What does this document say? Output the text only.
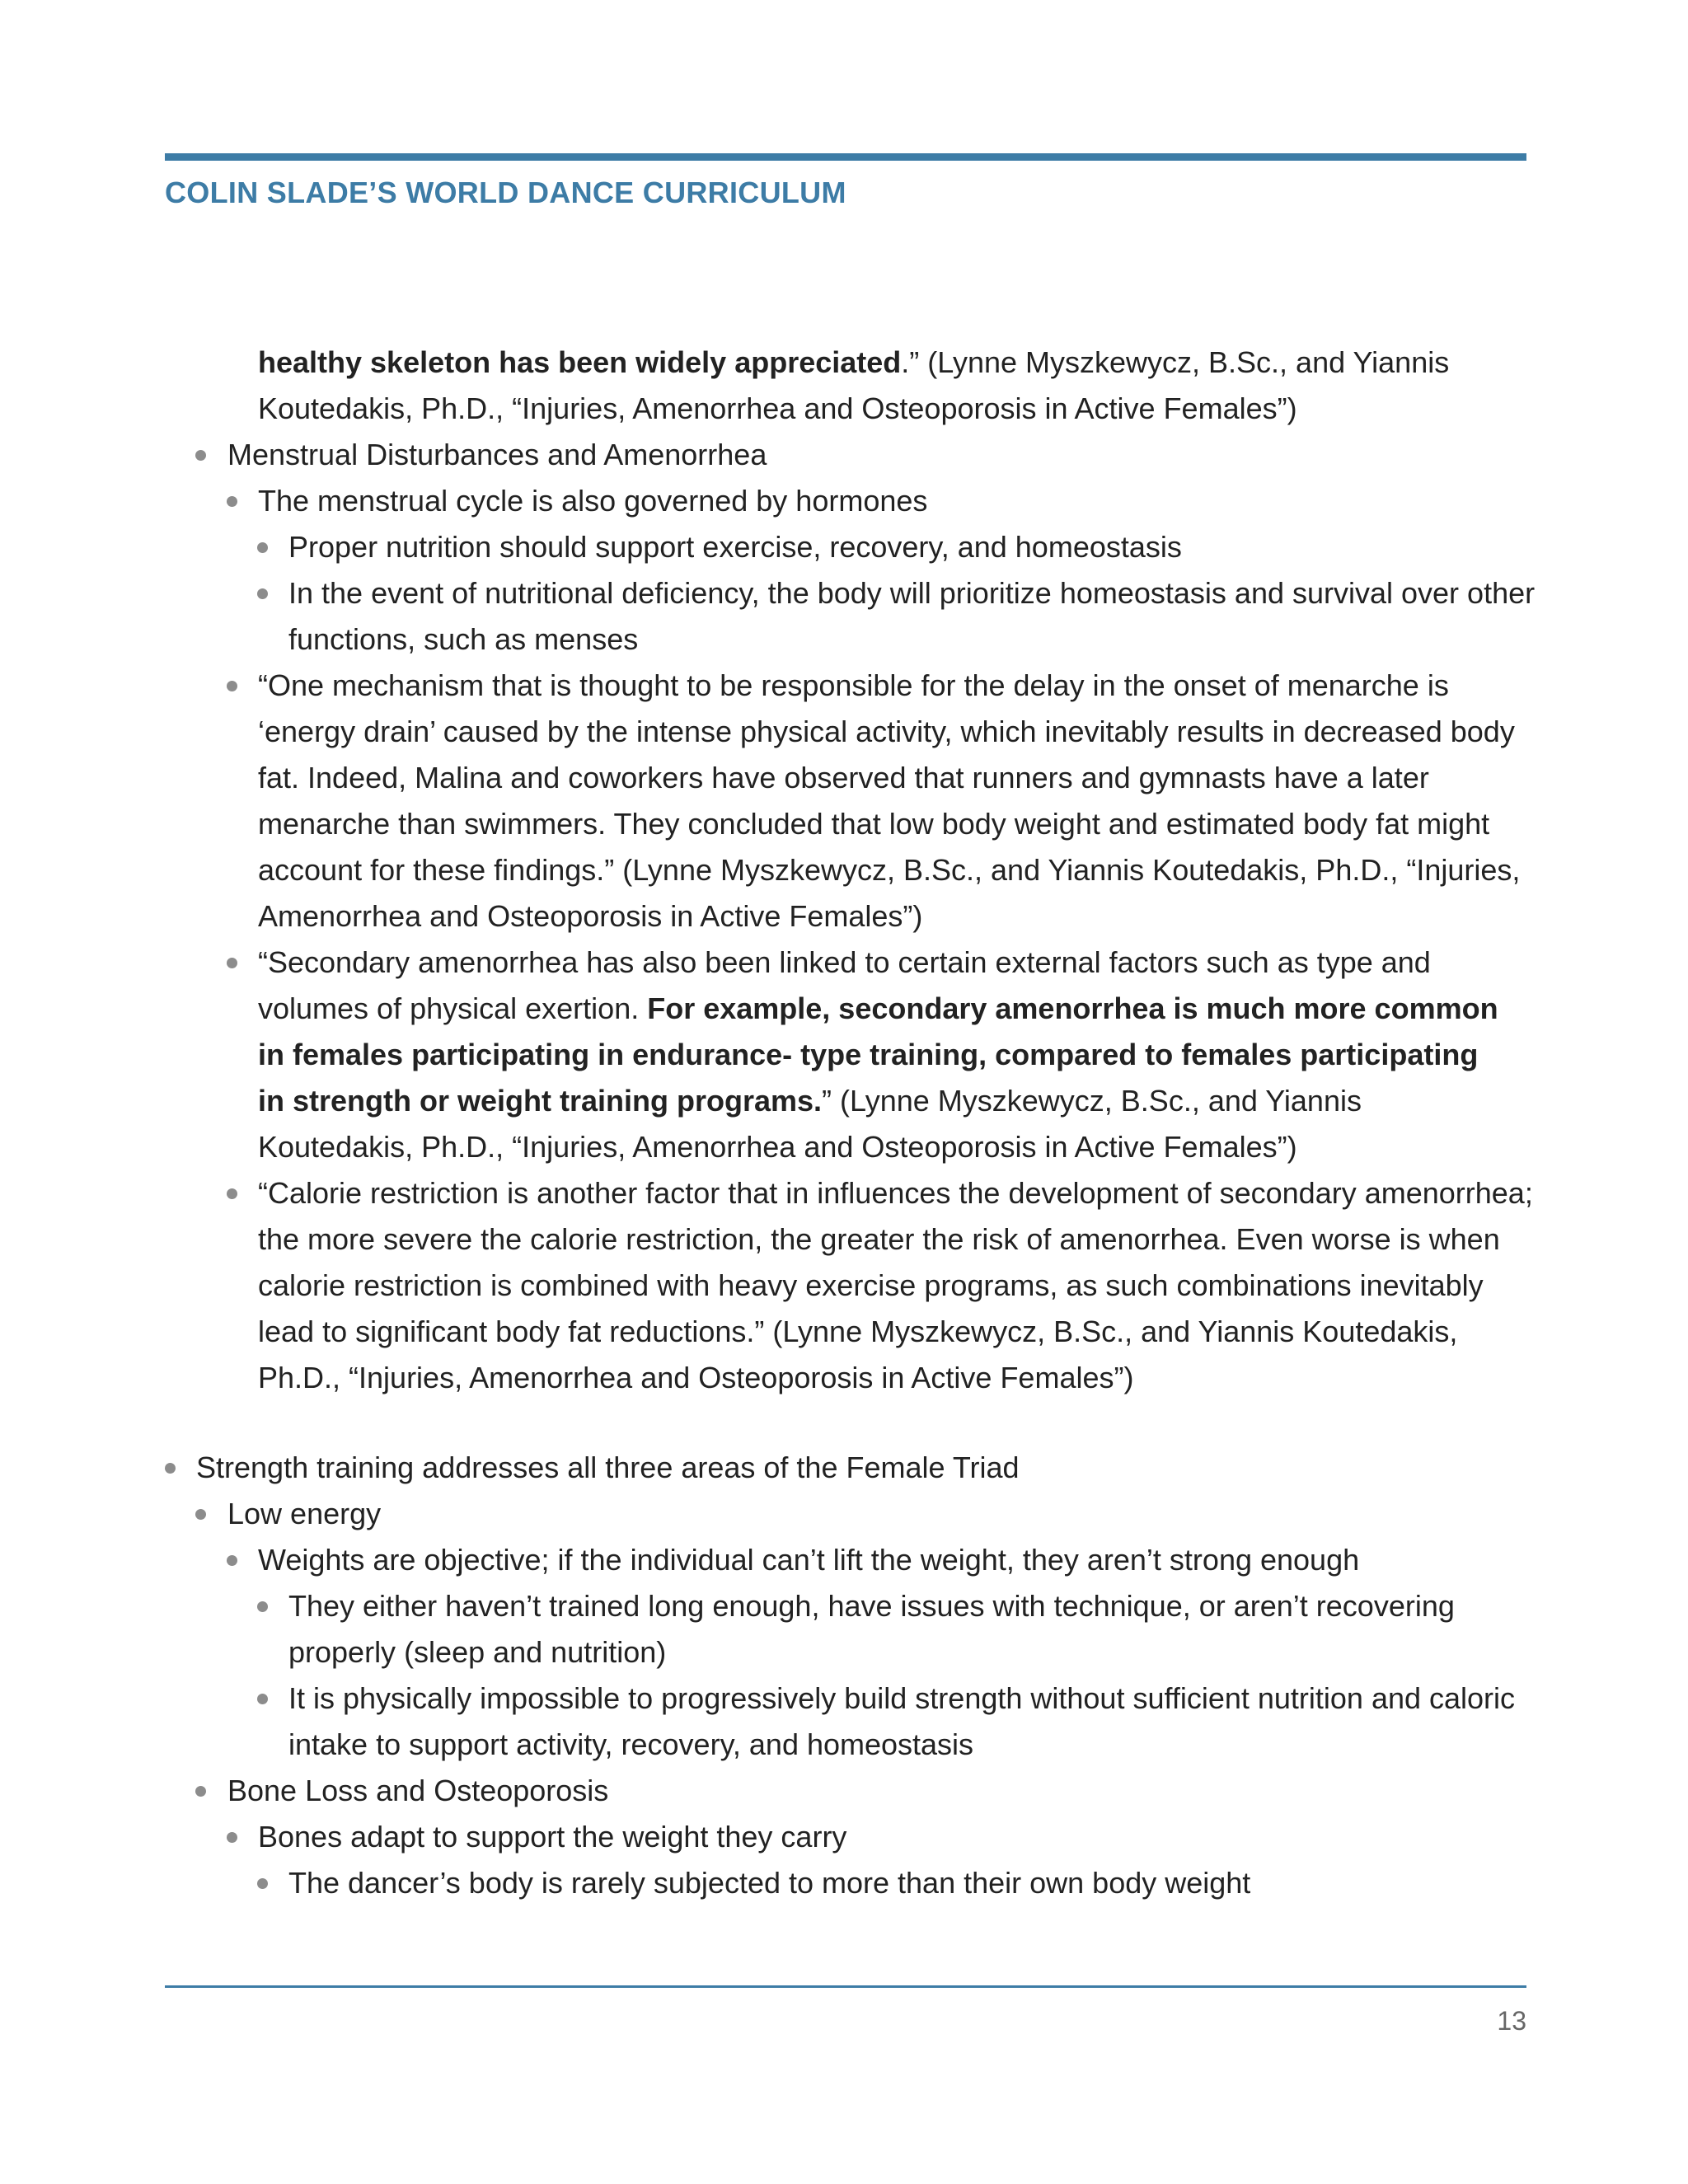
COLIN SLADE’S WORLD DANCE CURRICULUM
healthy skeleton has been widely appreciated.” (Lynne Myszkewycz, B.Sc., and Yiannis
Koutedakis, Ph.D., “Injuries, Amenorrhea and Osteoporosis in Active Females”)
Menstrual Disturbances and Amenorrhea
The menstrual cycle is also governed by hormones
Proper nutrition should support exercise, recovery, and homeostasis
In the event of nutritional deficiency, the body will prioritize homeostasis and survival over other
functions, such as menses
“One mechanism that is thought to be responsible for the delay in the onset of menarche is
‘energy drain’ caused by the intense physical activity, which inevitably results in decreased body
fat. Indeed, Malina and coworkers have observed that runners and gymnasts have a later
menarche than swimmers. They concluded that low body weight and estimated body fat might
account for these findings.” (Lynne Myszkewycz, B.Sc., and Yiannis Koutedakis, Ph.D., “Injuries,
Amenorrhea and Osteoporosis in Active Females”)
“Secondary amenorrhea has also been linked to certain external factors such as type and
volumes of physical exertion. For example, secondary amenorrhea is much more common
in females participating in endurance- type training, compared to females participating
in strength or weight training programs.” (Lynne Myszkewycz, B.Sc., and Yiannis
Koutedakis, Ph.D., “Injuries, Amenorrhea and Osteoporosis in Active Females”)
“Calorie restriction is another factor that in influences the development of secondary amenorrhea;
the more severe the calorie restriction, the greater the risk of amenorrhea. Even worse is when
calorie restriction is combined with heavy exercise programs, as such combinations inevitably
lead to significant body fat reductions.” (Lynne Myszkewycz, B.Sc., and Yiannis Koutedakis,
Ph.D., “Injuries, Amenorrhea and Osteoporosis in Active Females”)
Strength training addresses all three areas of the Female Triad
Low energy
Weights are objective; if the individual can’t lift the weight, they aren’t strong enough
They either haven’t trained long enough, have issues with technique, or aren’t recovering
properly (sleep and nutrition)
It is physically impossible to progressively build strength without sufficient nutrition and caloric
intake to support activity, recovery, and homeostasis
Bone Loss and Osteoporosis
Bones adapt to support the weight they carry
The dancer’s body is rarely subjected to more than their own body weight
13
